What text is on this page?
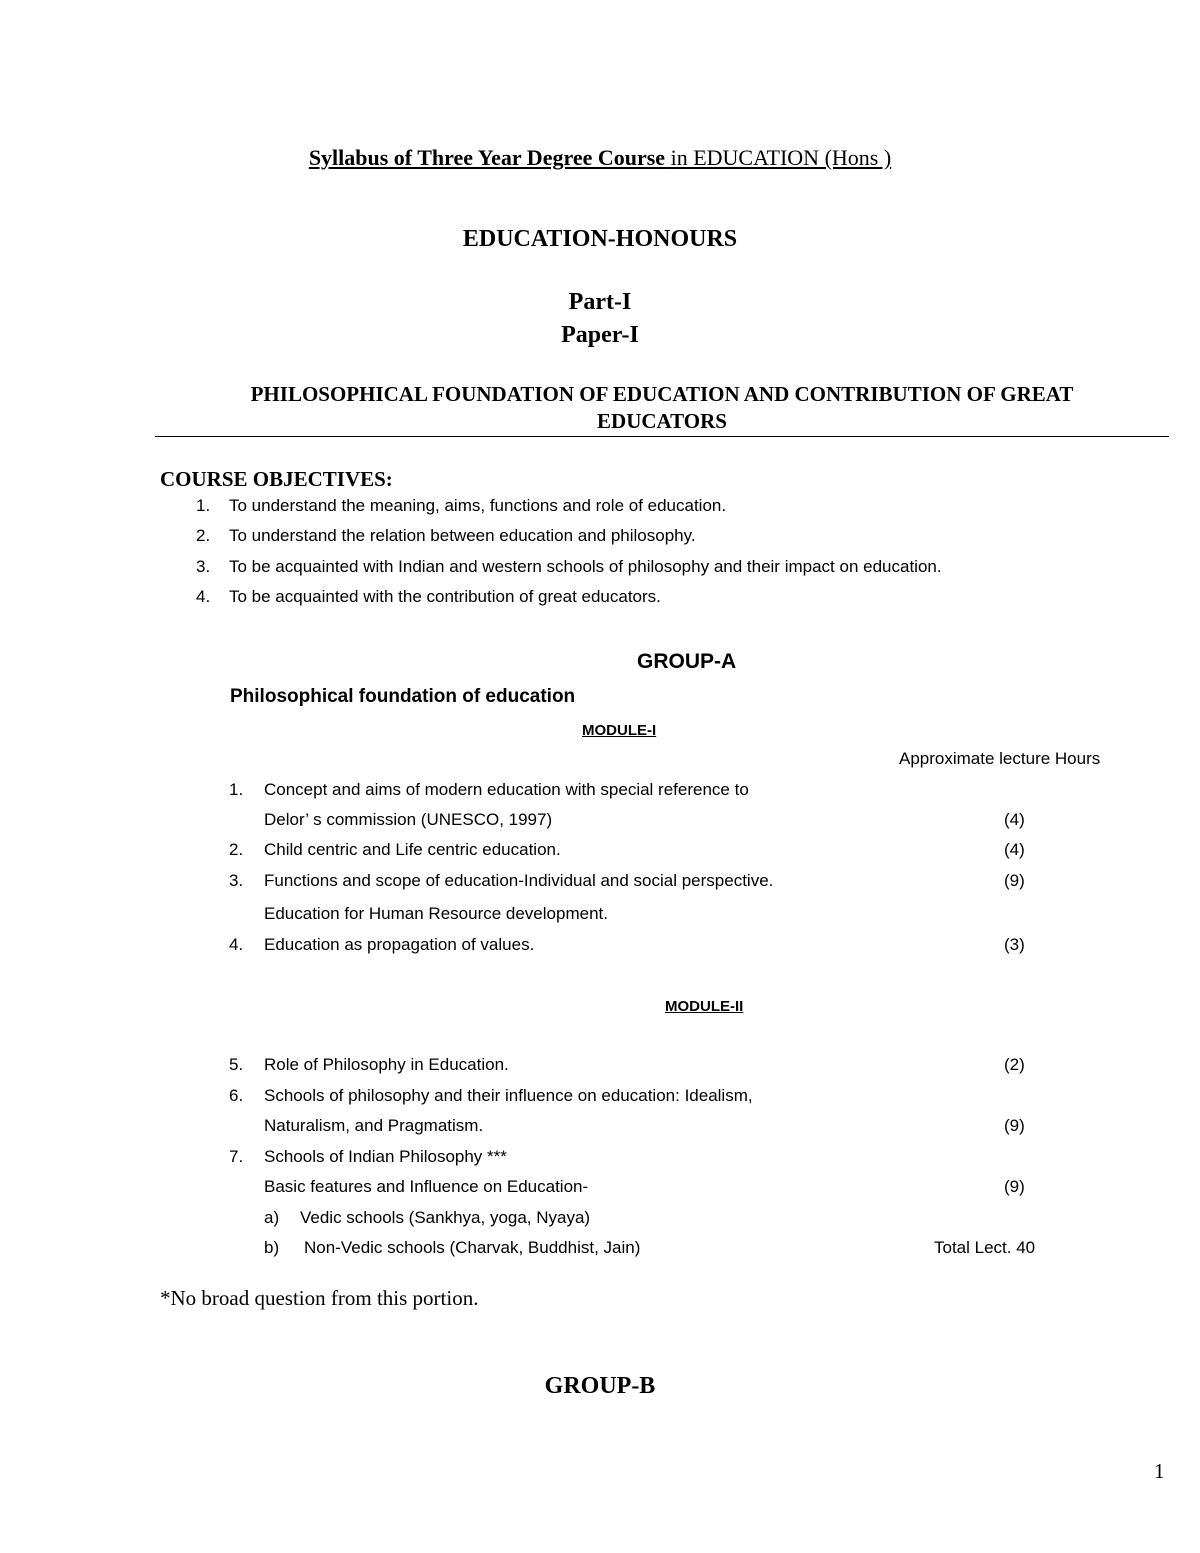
Syllabus of Three Year Degree Course in EDUCATION (Hons )
EDUCATION-HONOURS
Part-I
Paper-I
PHILOSOPHICAL FOUNDATION OF EDUCATION AND CONTRIBUTION OF GREAT
EDUCATORS
COURSE OBJECTIVES:
1. To understand the meaning, aims, functions and role of education.
2. To understand the relation between education and philosophy.
3. To be acquainted with Indian and western schools of philosophy and their impact on education.
4. To be acquainted with the contribution of great educators.
GROUP-A
Philosophical foundation of education
MODULE-I
Approximate lecture Hours
1. Concept and aims of modern education with special reference to
Delor’ s commission (UNESCO, 1997)	(4)
2. Child centric and Life centric education.	(4)
3. Functions and scope of education-Individual and social perspective.	(9)
Education for Human Resource development.
4. Education as propagation of values.	(3)
MODULE-II
5. Role of Philosophy in Education.	(2)
6. Schools of philosophy and their influence on education: Idealism,
Naturalism, and Pragmatism.	(9)
7. Schools of Indian Philosophy ***
Basic features and Influence on Education-	(9)
a) Vedic schools (Sankhya, yoga, Nyaya)
b) Non-Vedic schools (Charvak, Buddhist, Jain)	Total Lect. 40
*No broad question from this portion.
GROUP-B
1
